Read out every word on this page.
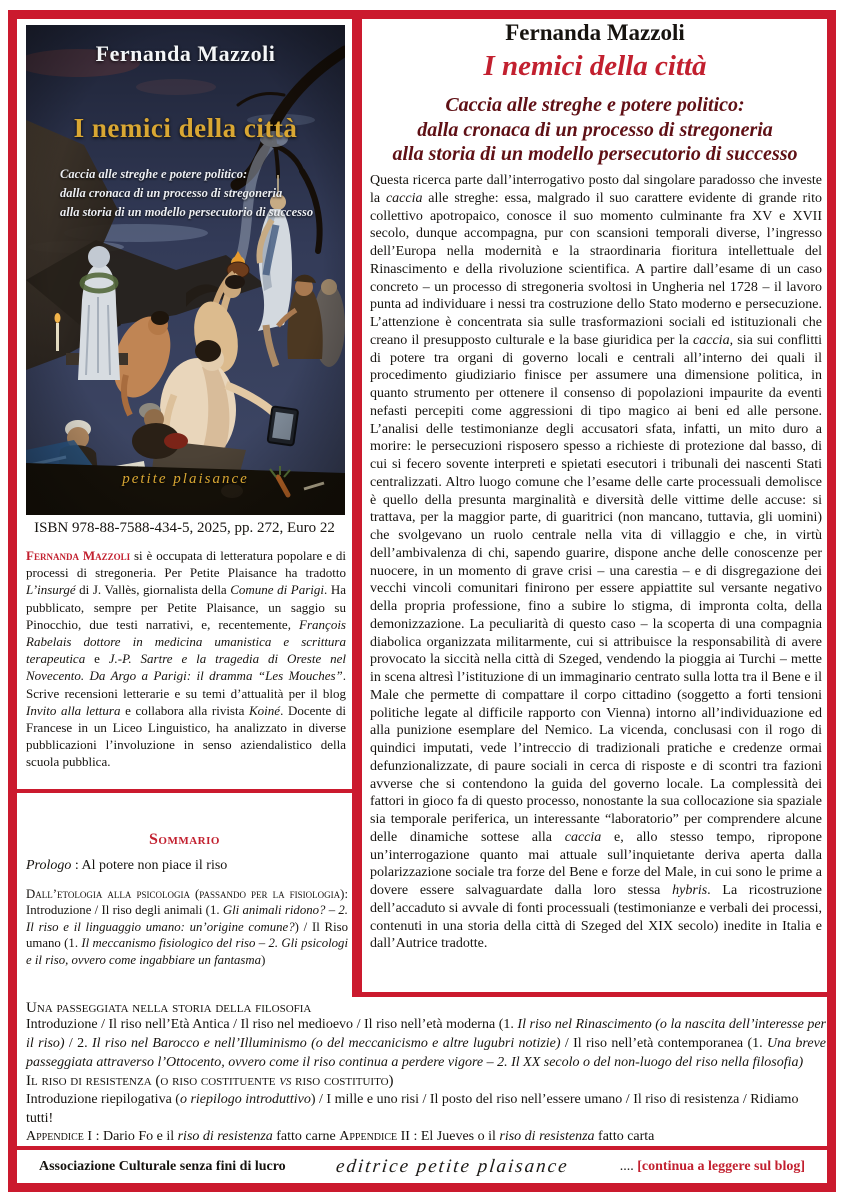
Fernanda Mazzoli
I nemici della città
Caccia alle streghe e potere politico:
dalla cronaca di un processo di stregoneria
alla storia di un modello persecutorio di successo
petite plaisance
ISBN 978-88-7588-434-5, 2025, pp. 272, Euro 22

Fernanda Mazzoli si è occupata di letteratura popolare e di processi di stregoneria. Per Petite Plaisance ha tradotto L’insurgé di J. Vallès, giornalista della Comune di Parigi. Ha pubblicato, sempre per Petite Plaisance, un saggio su Pinocchio, due testi narrativi, e, recentemente, François Rabelais dottore in medicina umanistica e scrittura terapeutica e J.-P. Sartre e la tragedia di Oreste nel Novecento. Da Argo a Parigi: il dramma “Les Mouches”. Scrive recensioni letterarie e su temi d’attualità per il blog Invito alla lettura e collabora alla rivista Koiné. Docente di Francese in un Liceo Linguistico, ha analizzato in diverse pubblicazioni l’involuzione in senso aziendalistico della scuola pubblica.

Sommario

Prologo : Al potere non piace il riso

Dall’etologia alla psicologia (passando per la fisiologia): Introduzione / Il riso degli animali (1. Gli animali ridono? – 2. Il riso e il linguaggio umano: un’origine comune?) / Il Riso umano (1. Il meccanismo fisiologico del riso – 2. Gli psicologi e il riso, ovvero come ingabbiare un fantasma)

Fernanda Mazzoli
I nemici della città
Caccia alle streghe e potere politico:
dalla cronaca di un processo di stregoneria
alla storia di un modello persecutorio di successo

Questa ricerca parte dall’interrogativo posto dal singolare paradosso che investe la caccia alle streghe: essa, malgrado il suo carattere evidente di grande rito collettivo apotropaico, conosce il suo momento culminante fra XV e XVII secolo, dunque accompagna, pur con scansioni temporali diverse, l’ingresso dell’Europa nella modernità e la straordinaria fioritura intellettuale del Rinascimento e della rivoluzione scientifica. A partire dall’esame di un caso concreto – un processo di stregoneria svoltosi in Ungheria nel 1728 – il lavoro punta ad individuare i nessi tra costruzione dello Stato moderno e persecuzione. L’attenzione è concentrata sia sulle trasformazioni sociali ed istituzionali che creano il presupposto culturale e la base giuridica per la caccia, sia sui conflitti di potere tra organi di governo locali e centrali all’interno dei quali il procedimento giudiziario finisce per assumere una dimensione politica, in quanto strumento per ottenere il consenso di popolazioni impaurite da eventi nefasti percepiti come aggressioni di tipo magico ai beni ed alle persone. L’analisi delle testimonianze degli accusatori sfata, infatti, un mito duro a morire: le persecuzioni risposero spesso a richieste di protezione dal basso, di cui si fecero sovente interpreti e spietati esecutori i tribunali dei nascenti Stati centralizzati. Altro luogo comune che l’esame delle carte processuali demolisce è quello della presunta marginalità e diversità delle vittime delle accuse: si trattava, per la maggior parte, di guaritrici (non mancano, tuttavia, gli uomini) che svolgevano un ruolo centrale nella vita di villaggio e che, in virtù dell’ambivalenza di chi, sapendo guarire, dispone anche delle conoscenze per nuocere, in un momento di grave crisi – una carestia – e di disgregazione dei vecchi vincoli comunitari finirono per essere appiattite sul versante negativo della propria professione, fino a subire lo stigma, di impronta colta, della demonizzazione. La peculiarità di questo caso – la scoperta di una compagnia diabolica organizzata militarmente, cui si attribuisce la responsabilità di avere provocato la siccità nella città di Szeged, vendendo la pioggia ai Turchi – mette in scena altresì l’istituzione di un immaginario centrato sulla lotta tra il Bene e il Male che permette di compattare il corpo cittadino (soggetto a forti tensioni politiche legate al difficile rapporto con Vienna) intorno all’individuazione ed alla punizione esemplare del Nemico. La vicenda, conclusasi con il rogo di quindici imputati, vede l’intreccio di tradizionali pratiche e credenze ormai defunzionalizzate, di paure sociali in cerca di risposte e di scontri tra fazioni avverse che si contendono la guida del governo locale. La complessità dei fattori in gioco fa di questo processo, nonostante la sua collocazione sia spaziale sia temporale periferica, un interessante “laboratorio” per comprendere alcune delle dinamiche sottese alla caccia e, allo stesso tempo, ripropone un’interrogazione quanto mai attuale sull’inquietante deriva aperta dalla polarizzazione sociale tra forze del Bene e forze del Male, in cui sono le prime a dovere essere salvaguardate dalla loro stessa hybris. La ricostruzione dell’accaduto si avvale di fonti processuali (testimonianze e verbali dei processi, contenuti in una storia della città di Szeged del XIX secolo) inedite in Italia e dall’Autrice tradotte.

Una passeggiata nella storia della filosofia

Introduzione / Il riso nell’Età Antica / Il riso nel medioevo / Il riso nell’età moderna (1. Il riso nel Rinascimento (o la nascita dell’interesse per il riso) / 2. Il riso nel Barocco e nell’Illuminismo (o del meccanicismo e altre lugubri notizie) / Il riso nell’età contemporanea (1. Una breve passeggiata attraverso l’Ottocento, ovvero come il riso continua a perdere vigore – 2. Il XX secolo o del non-luogo del riso nella filosofia)

Il riso di resistenza (o riso costituente vs riso costituito)

Introduzione riepilogativa (o riepilogo introduttivo) / I mille e uno risi / Il posto del riso nell’essere umano / Il riso di resistenza / Ridiamo tutti!

Appendice I : Dario Fo e il riso di resistenza fatto carne Appendice II : El Jueves o il riso di resistenza fatto carta

Associazione Culturale senza fini di lucro	editrice petite plaisance	.... [continua a leggere sul blog]
